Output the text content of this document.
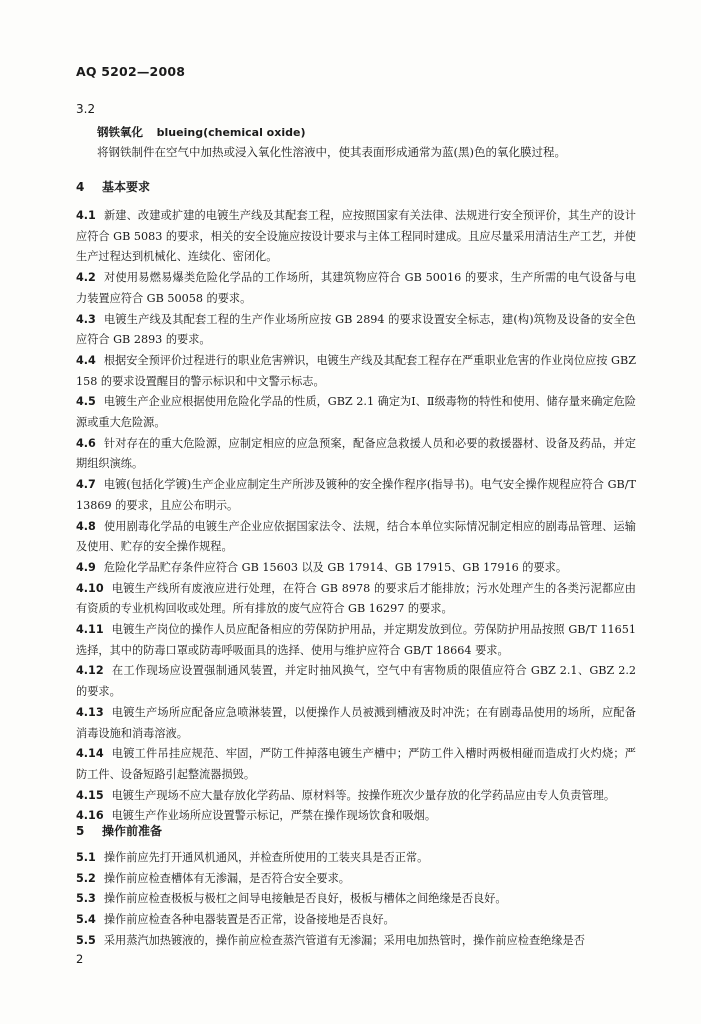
AQ 5202—2008
3.2
钢铁氧化 blueing(chemical oxide)
将钢铁制件在空气中加热或浸入氧化性溶液中，使其表面形成通常为蓝(黑)色的氧化膜过程。
4 基本要求
4.1 新建、改建或扩建的电镀生产线及其配套工程，应按照国家有关法律、法规进行安全预评价，其生产的设计应符合 GB 5083 的要求，相关的安全设施应按设计要求与主体工程同时建成。且应尽量采用清洁生产工艺，并使生产过程达到机械化、连续化、密闭化。
4.2 对使用易燃易爆类危险化学品的工作场所，其建筑物应符合 GB 50016 的要求，生产所需的电气设备与电力装置应符合 GB 50058 的要求。
4.3 电镀生产线及其配套工程的生产作业场所应按 GB 2894 的要求设置安全标志，建(构)筑物及设备的安全色应符合 GB 2893 的要求。
4.4 根据安全预评价过程进行的职业危害辨识，电镀生产线及其配套工程存在严重职业危害的作业岗位应按 GBZ 158 的要求设置醒目的警示标识和中文警示标志。
4.5 电镀生产企业应根据使用危险化学品的性质，GBZ 2.1 确定为Ⅰ、Ⅱ级毒物的特性和使用、储存量来确定危险源或重大危险源。
4.6 针对存在的重大危险源，应制定相应的应急预案，配备应急救援人员和必要的救援器材、设备及药品，并定期组织演练。
4.7 电镀(包括化学镀)生产企业应制定生产所涉及镀种的安全操作程序(指导书)。电气安全操作规程应符合 GB/T 13869 的要求，且应公布明示。
4.8 使用剧毒化学品的电镀生产企业应依据国家法令、法规，结合本单位实际情况制定相应的剧毒品管理、运输及使用、贮存的安全操作规程。
4.9 危险化学品贮存条件应符合 GB 15603 以及 GB 17914、GB 17915、GB 17916 的要求。
4.10 电镀生产线所有废液应进行处理，在符合 GB 8978 的要求后才能排放；污水处理产生的各类污泥都应由有资质的专业机构回收或处理。所有排放的废气应符合 GB 16297 的要求。
4.11 电镀生产岗位的操作人员应配备相应的劳保防护用品，并定期发放到位。劳保防护用品按照 GB/T 11651 选择，其中的防毒口罩或防毒呼吸面具的选择、使用与维护应符合 GB/T 18664 要求。
4.12 在工作现场应设置强制通风装置，并定时抽风换气，空气中有害物质的限值应符合 GBZ 2.1、GBZ 2.2 的要求。
4.13 电镀生产场所应配备应急喷淋装置，以便操作人员被溅到槽液及时冲洗；在有剧毒品使用的场所，应配备消毒设施和消毒溶液。
4.14 电镀工件吊挂应规范、牢固，严防工件掉落电镀生产槽中；严防工件入槽时两极相碰而造成打火灼烧；严防工件、设备短路引起整流器损毁。
4.15 电镀生产现场不应大量存放化学药品、原材料等。按操作班次少量存放的化学药品应由专人负责管理。
4.16 电镀生产作业场所应设置警示标记，严禁在操作现场饮食和吸烟。
5 操作前准备
5.1 操作前应先打开通风机通风，并检查所使用的工装夹具是否正常。
5.2 操作前应检查槽体有无渗漏，是否符合安全要求。
5.3 操作前应检查极板与极杠之间导电接触是否良好，极板与槽体之间绝缘是否良好。
5.4 操作前应检查各种电器装置是否正常，设备接地是否良好。
5.5 采用蒸汽加热镀液的，操作前应检查蒸汽管道有无渗漏；采用电加热管时，操作前应检查绝缘是否
2
